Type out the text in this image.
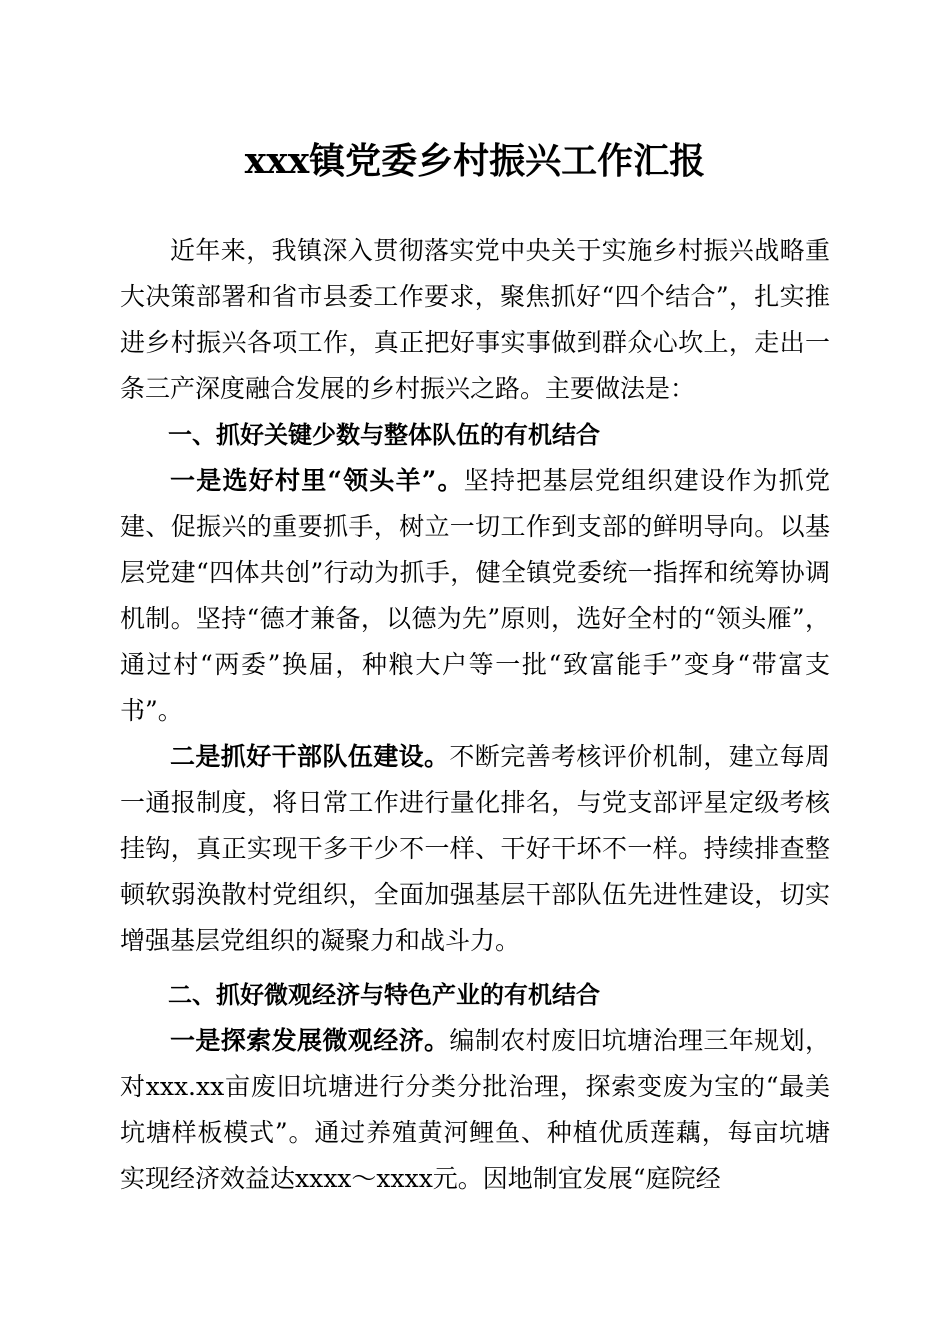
xxx镇党委乡村振兴工作汇报

近年来，我镇深入贯彻落实党中央关于实施乡村振兴战略重大决策部署和省市县委工作要求，聚焦抓好“四个结合”，扎实推进乡村振兴各项工作，真正把好事实事做到群众心坎上，走出一条三产深度融合发展的乡村振兴之路。主要做法是：

一、抓好关键少数与整体队伍的有机结合

一是选好村里“领头羊”。坚持把基层党组织建设作为抓党建、促振兴的重要抓手，树立一切工作到支部的鲜明导向。以基层党建“四体共创”行动为抓手，健全镇党委统一指挥和统筹协调机制。坚持“德才兼备，以德为先”原则，选好全村的“领头雁”，通过村“两委”换届，种粮大户等一批“致富能手”变身“带富支书”。

二是抓好干部队伍建设。不断完善考核评价机制，建立每周一通报制度，将日常工作进行量化排名，与党支部评星定级考核挂钩，真正实现干多干少不一样、干好干坏不一样。持续排查整顿软弱涣散村党组织，全面加强基层干部队伍先进性建设，切实增强基层党组织的凝聚力和战斗力。

二、抓好微观经济与特色产业的有机结合

一是探索发展微观经济。编制农村废旧坑塘治理三年规划，对xxx.xx亩废旧坑塘进行分类分批治理，探索变废为宝的“最美坑塘样板模式”。通过养殖黄河鲤鱼、种植优质莲藕，每亩坑塘实现经济效益达xxxx～xxxx元。因地制宜发展“庭院经
